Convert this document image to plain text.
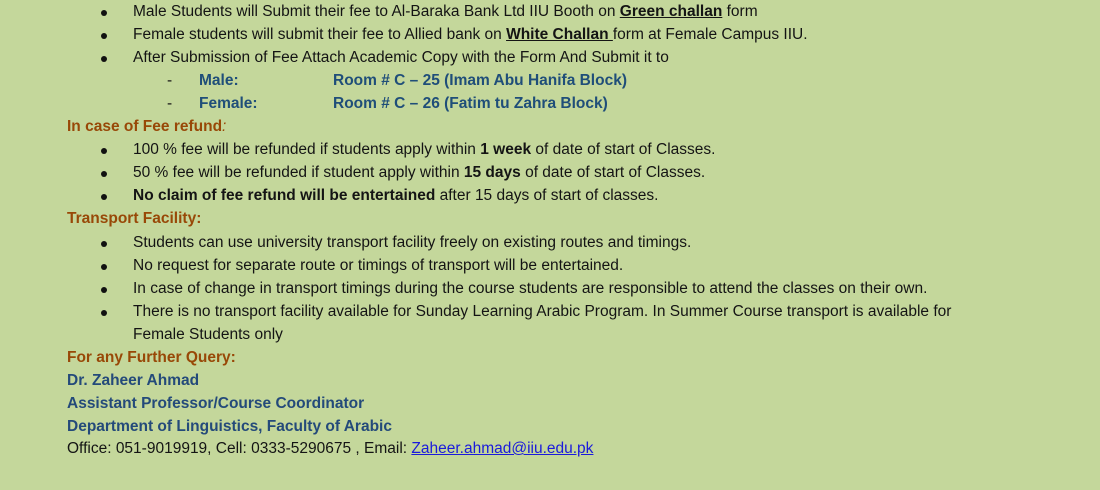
Male Students will Submit their fee to Al-Baraka Bank Ltd IIU Booth on Green challan form
Female students will submit their fee to Allied bank on White Challan form at Female Campus IIU.
After Submission of Fee Attach Academic Copy with the Form And Submit it to
- Male:	Room # C – 25 (Imam Abu Hanifa Block)
- Female:	Room # C – 26 (Fatim tu Zahra Block)
In case of Fee refund:
100 % fee will be refunded if students apply within 1 week of date of start of Classes.
50 % fee will be refunded if student apply within 15 days of date of start of Classes.
No claim of fee refund will be entertained after 15 days of start of classes.
Transport Facility:
Students can use university transport facility freely on existing routes and timings.
No request for separate route or timings of transport will be entertained.
In case of change in transport timings during the course students are responsible to attend the classes on their own.
There is no transport facility available for Sunday Learning Arabic Program. In Summer Course transport is available for
Female Students only
For any Further Query:
Dr. Zaheer Ahmad
Assistant Professor/Course Coordinator
Department of Linguistics, Faculty of Arabic
Office: 051-9019919, Cell: 0333-5290675 , Email: Zaheer.ahmad@iiu.edu.pk
